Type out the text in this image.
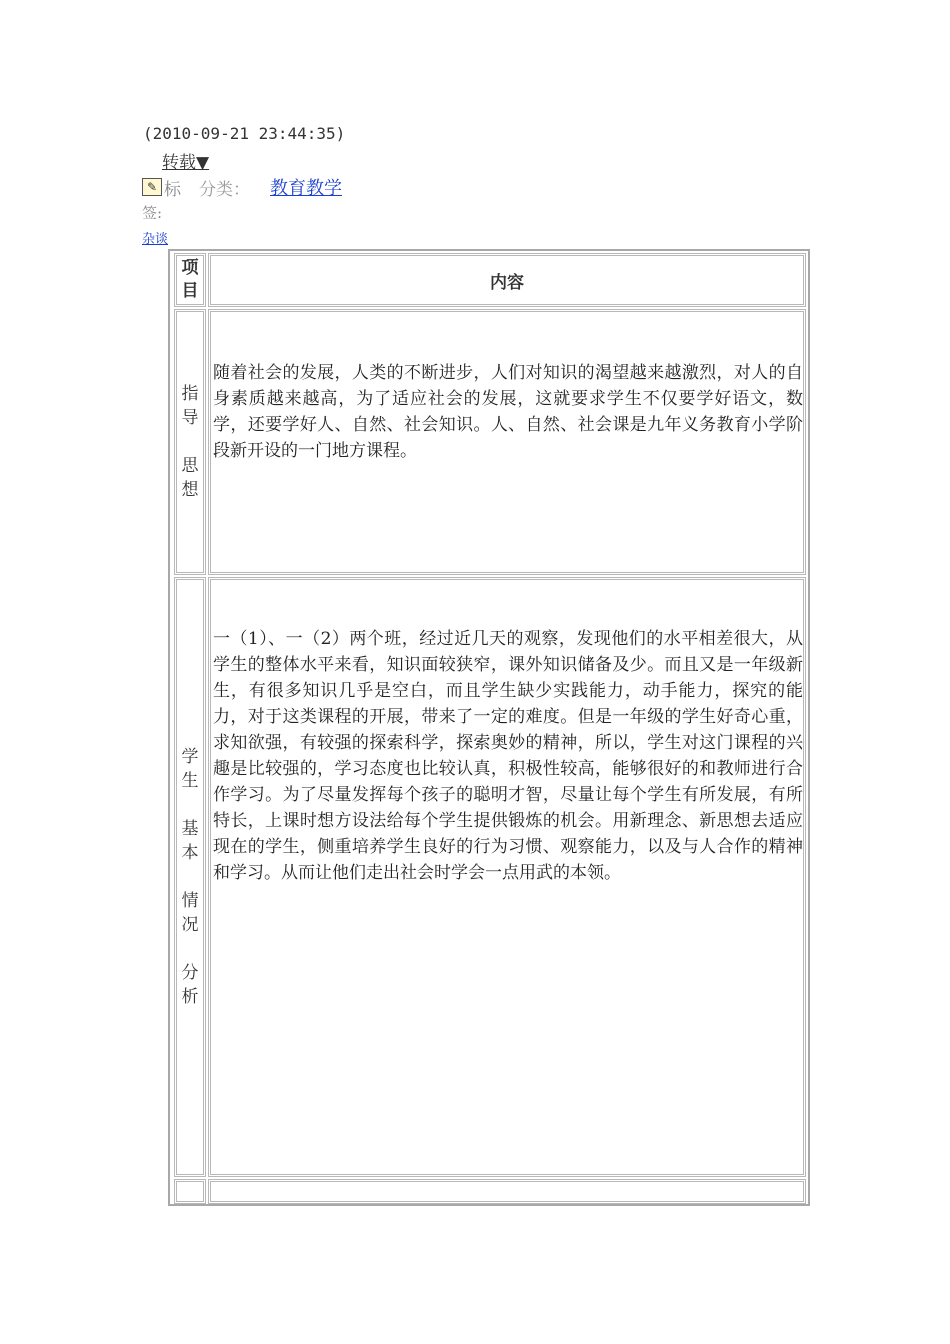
(2010-09-21 23:44:35)
转载▼
✎ 标 分类： 教育教学
签:
杂谈
项目	内容
指
导
思
想

随着社会的发展，人类的不断进步，人们对知识的渴望越来越激烈，对人的自身素质越来越高，为了适应社会的发展，这就要求学生不仅要学好语文，数学，还要学好人、自然、社会知识。人、自然、社会课是九年义务教育小学阶段新开设的一门地方课程。

学
生
基
本
情
况
分
析

一（1）、一（2）两个班，经过近几天的观察，发现他们的水平相差很大，从学生的整体水平来看，知识面较狭窄，课外知识储备及少。而且又是一年级新生，有很多知识几乎是空白，而且学生缺少实践能力，动手能力，探究的能力，对于这类课程的开展，带来了一定的难度。但是一年级的学生好奇心重，求知欲强，有较强的探索科学，探索奥妙的精神，所以，学生对这门课程的兴趣是比较强的，学习态度也比较认真，积极性较高，能够很好的和教师进行合作学习。为了尽量发挥每个孩子的聪明才智，尽量让每个学生有所发展，有所特长，上课时想方设法给每个学生提供锻炼的机会。用新理念、新思想去适应现在的学生，侧重培养学生良好的行为习惯、观察能力，以及与人合作的精神和学习。从而让他们走出社会时学会一点用武的本领。
